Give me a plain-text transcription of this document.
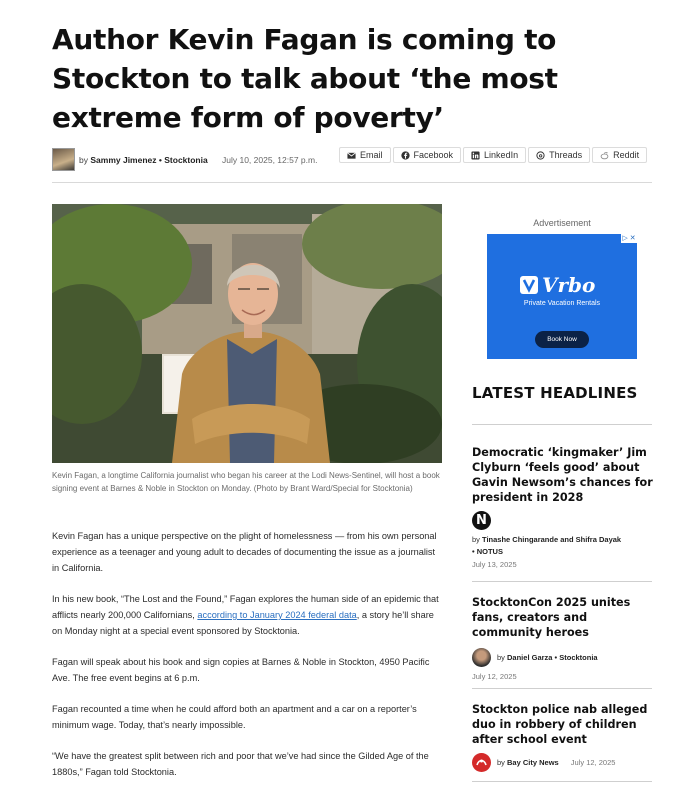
Author Kevin Fagan is coming to Stockton to talk about ‘the most extreme form of poverty’
by Sammy Jimenez • Stocktonia July 10, 2025, 12:57 p.m.	Email	Facebook	LinkedIn	Threads	Reddit
Kevin Fagan, a longtime California journalist who began his career at the Lodi News-Sentinel, will host a book signing event at Barnes & Noble in Stockton on Monday. (Photo by Brant Ward/Special for Stocktonia)

Kevin Fagan has a unique perspective on the plight of homelessness — from his own personal experience as a teenager and young adult to decades of documenting the issue as a journalist in California.

In his new book, “The Lost and the Found,” Fagan explores the human side of an epidemic that afflicts nearly 200,000 Californians, according to January 2024 federal data, a story he’ll share on Monday night at a special event sponsored by Stocktonia.

Fagan will speak about his book and sign copies at Barnes & Noble in Stockton, 4950 Pacific Ave. The free event begins at 6 p.m.

Fagan recounted a time when he could afford both an apartment and a car on a reporter’s minimum wage. Today, that’s nearly impossible.

“We have the greatest split between rich and poor that we’ve had since the Gilded Age of the 1880s,” Fagan told Stocktonia.

Advertisement
▷ ✕
Vrbo
Private Vacation Rentals
Book Now
LATEST HEADLINES
Democratic ‘kingmaker’ Jim Clyburn ‘feels good’ about Gavin Newsom’s chances for president in 2028
N
by Tinashe Chingarande and Shifra Dayak
• NOTUS
July 13, 2025
StocktonCon 2025 unites fans, creators and community heroes
by Daniel Garza • Stocktonia
July 12, 2025
Stockton police nab alleged duo in robbery of children after school event
by Bay City News July 12, 2025
